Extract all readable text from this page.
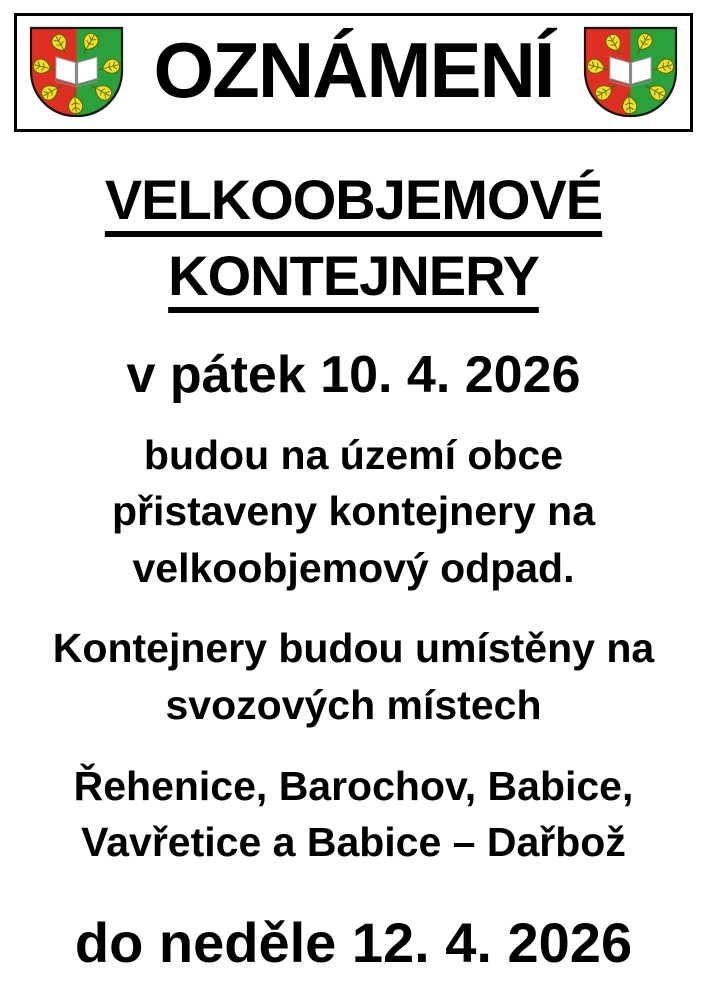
OZNÁMENÍ
VELKOOBJEMOVÉ
KONTEJNERY
v pátek 10. 4. 2026

budou na území obce
přistaveny kontejnery na
velkoobjemový odpad.

Kontejnery budou umístěny na
svozových místech

Řehenice, Barochov, Babice,
Vavřetice a Babice – Dařbož

do neděle 12. 4. 2026
